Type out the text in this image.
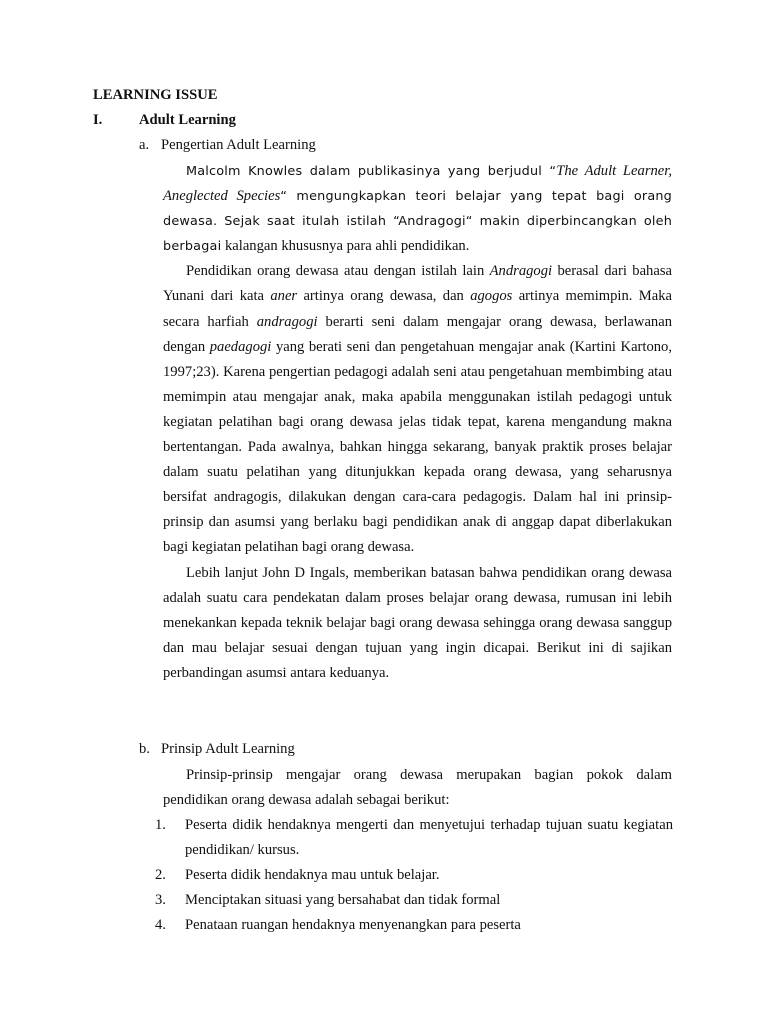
LEARNING ISSUE
I.	Adult Learning
a. Pengertian Adult Learning

Malcolm Knowles dalam publikasinya yang berjudul “The Adult Learner, Aneglected Species“ mengungkapkan teori belajar yang tepat bagi orang dewasa. Sejak saat itulah istilah “Andragogi“ makin diperbincangkan oleh berbagai kalangan khususnya para ahli pendidikan.

Pendidikan orang dewasa atau dengan istilah lain Andragogi berasal dari bahasa Yunani dari kata aner artinya orang dewasa, dan agogos artinya memimpin. Maka secara harfiah andragogi berarti seni dalam mengajar orang dewasa, berlawanan dengan paedagogi yang berati seni dan pengetahuan mengajar anak (Kartini Kartono, 1997;23). Karena pengertian pedagogi adalah seni atau pengetahuan membimbing atau memimpin atau mengajar anak, maka apabila menggunakan istilah pedagogi untuk kegiatan pelatihan bagi orang dewasa jelas tidak tepat, karena mengandung makna bertentangan. Pada awalnya, bahkan hingga sekarang, banyak praktik proses belajar dalam suatu pelatihan yang ditunjukkan kepada orang dewasa, yang seharusnya bersifat andragogis, dilakukan dengan cara-cara pedagogis. Dalam hal ini prinsip-prinsip dan asumsi yang berlaku bagi pendidikan anak di anggap dapat diberlakukan bagi kegiatan pelatihan bagi orang dewasa.

Lebih lanjut John D Ingals, memberikan batasan bahwa pendidikan orang dewasa adalah suatu cara pendekatan dalam proses belajar orang dewasa, rumusan ini lebih menekankan kepada teknik belajar bagi orang dewasa sehingga orang dewasa sanggup dan mau belajar sesuai dengan tujuan yang ingin dicapai. Berikut ini di sajikan perbandingan asumsi antara keduanya.

b. Prinsip Adult Learning

Prinsip-prinsip mengajar orang dewasa merupakan bagian pokok dalam pendidikan orang dewasa adalah sebagai berikut:

1. Peserta didik hendaknya mengerti dan menyetujui terhadap tujuan suatu kegiatan pendidikan/ kursus.
2. Peserta didik hendaknya mau untuk belajar.
3. Menciptakan situasi yang bersahabat dan tidak formal
4. Penataan ruangan hendaknya menyenangkan para peserta
